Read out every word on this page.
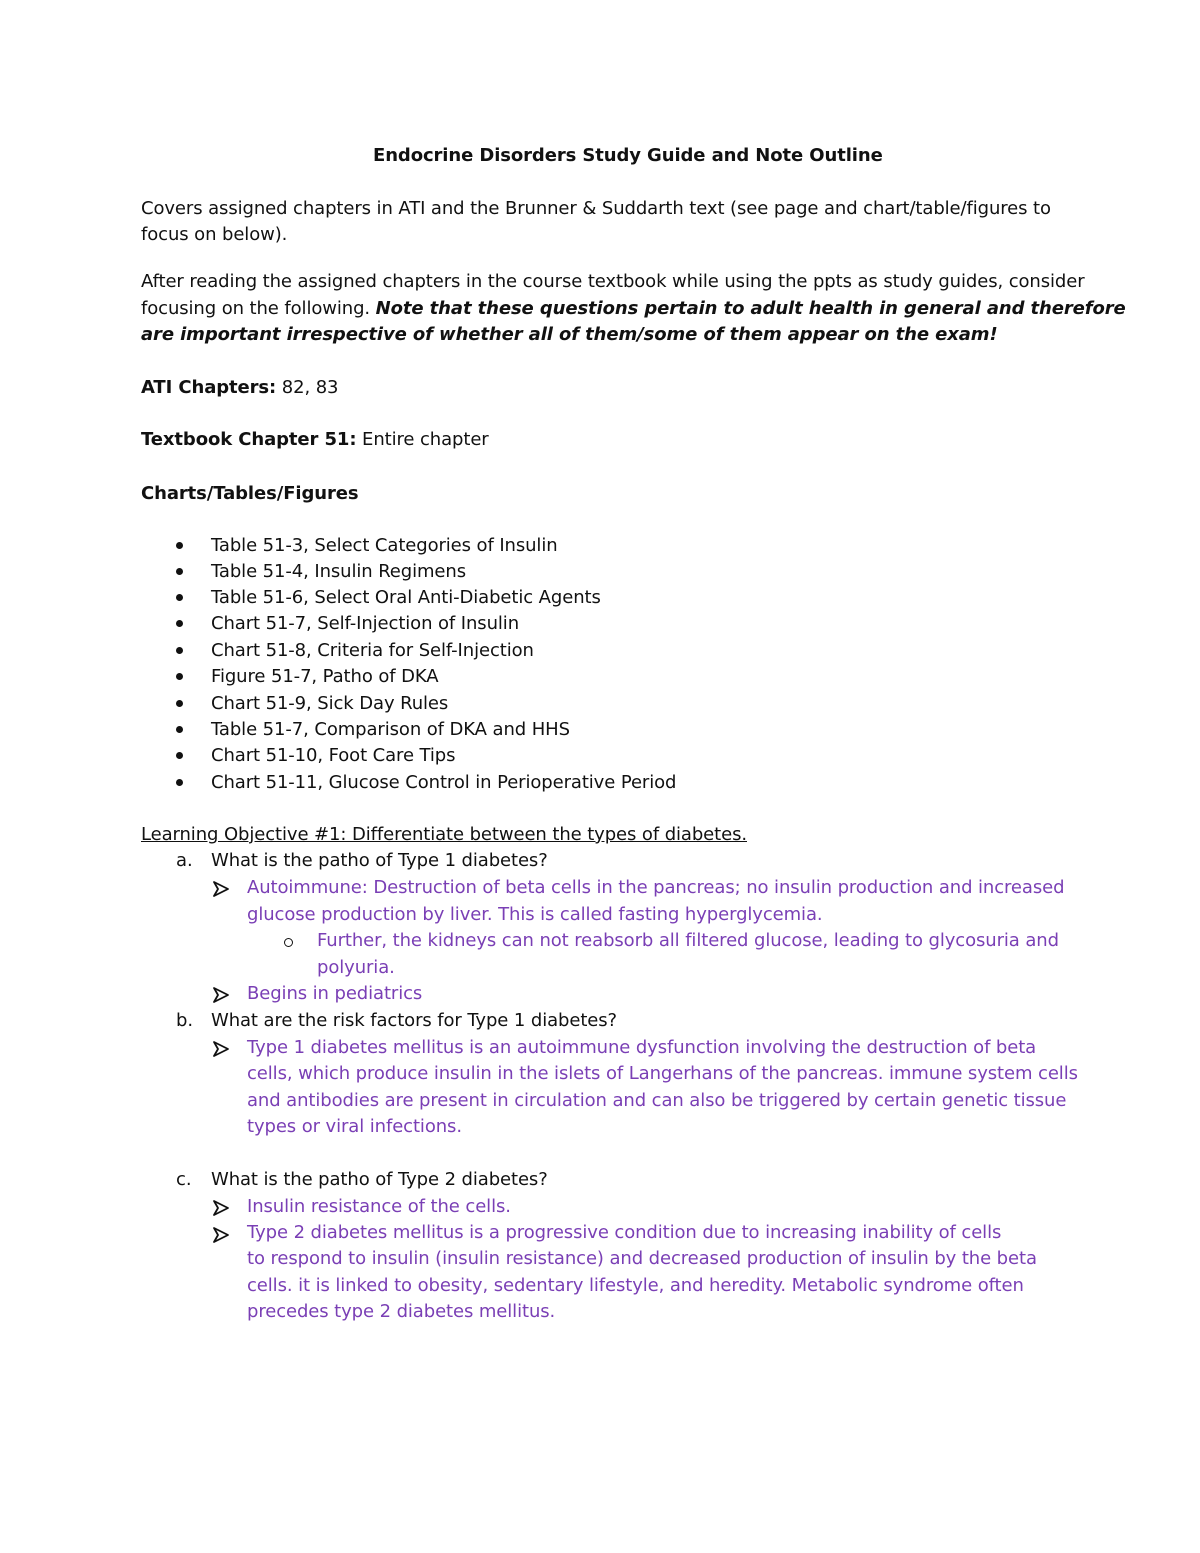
Endocrine Disorders Study Guide and Note Outline
Covers assigned chapters in ATI and the Brunner & Suddarth text (see page and chart/table/figures to
focus on below).
After reading the assigned chapters in the course textbook while using the ppts as study guides, consider
focusing on the following. Note that these questions pertain to adult health in general and therefore
are important irrespective of whether all of them/some of them appear on the exam!
ATI Chapters: 82, 83
Textbook Chapter 51: Entire chapter
Charts/Tables/Figures
Table 51-3, Select Categories of Insulin
Table 51-4, Insulin Regimens
Table 51-6, Select Oral Anti-Diabetic Agents
Chart 51-7, Self-Injection of Insulin
Chart 51-8, Criteria for Self-Injection
Figure 51-7, Patho of DKA
Chart 51-9, Sick Day Rules
Table 51-7, Comparison of DKA and HHS
Chart 51-10, Foot Care Tips
Chart 51-11, Glucose Control in Perioperative Period
Learning Objective #1: Differentiate between the types of diabetes.
a. What is the patho of Type 1 diabetes?
Autoimmune: Destruction of beta cells in the pancreas; no insulin production and increased
glucose production by liver. This is called fasting hyperglycemia.
Further, the kidneys can not reabsorb all filtered glucose, leading to glycosuria and
polyuria.
Begins in pediatrics
b. What are the risk factors for Type 1 diabetes?
Type 1 diabetes mellitus is an autoimmune dysfunction involving the destruction of beta
cells, which produce insulin in the islets of Langerhans of the pancreas. immune system cells
and antibodies are present in circulation and can also be triggered by certain genetic tissue
types or viral infections.
c. What is the patho of Type 2 diabetes?
Insulin resistance of the cells.
Type 2 diabetes mellitus is a progressive condition due to increasing inability of cells
to respond to insulin (insulin resistance) and decreased production of insulin by the beta
cells. it is linked to obesity, sedentary lifestyle, and heredity. Metabolic syndrome often
precedes type 2 diabetes mellitus.
